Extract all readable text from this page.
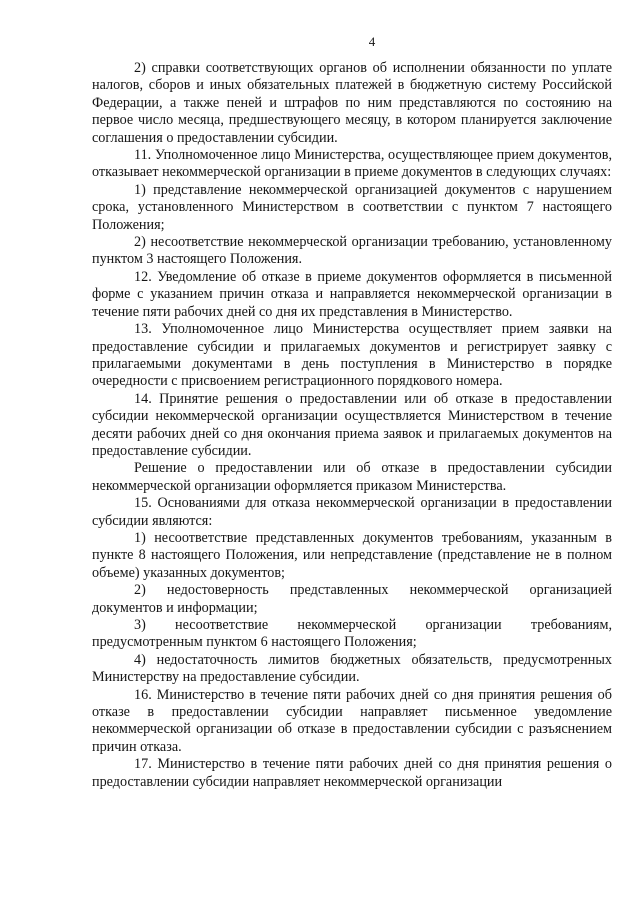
4

2) справки соответствующих органов об исполнении обязанности по уплате налогов, сборов и иных обязательных платежей в бюджетную систему Российской Федерации, а также пеней и штрафов по ним представляются по состоянию на первое число месяца, предшествующего месяцу, в котором планируется заключение соглашения о предоставлении субсидии.

11. Уполномоченное лицо Министерства, осуществляющее прием документов, отказывает некоммерческой организации в приеме документов в следующих случаях:

1) представление некоммерческой организацией документов с нарушением срока, установленного Министерством в соответствии с пунктом 7 настоящего Положения;

2) несоответствие некоммерческой организации требованию, установленному пунктом 3 настоящего Положения.

12. Уведомление об отказе в приеме документов оформляется в письменной форме с указанием причин отказа и направляется некоммерческой организации в течение пяти рабочих дней со дня их представления в Министерство.

13. Уполномоченное лицо Министерства осуществляет прием заявки на предоставление субсидии и прилагаемых документов и регистрирует заявку с прилагаемыми документами в день поступления в Министерство в порядке очередности с присвоением регистрационного порядкового номера.

14. Принятие решения о предоставлении или об отказе в предоставлении субсидии некоммерческой организации осуществляется Министерством в течение десяти рабочих дней со дня окончания приема заявок и прилагаемых документов на предоставление субсидии.

Решение о предоставлении или об отказе в предоставлении субсидии некоммерческой организации оформляется приказом Министерства.

15. Основаниями для отказа некоммерческой организации в предоставлении субсидии являются:

1) несоответствие представленных документов требованиям, указанным в пункте 8 настоящего Положения, или непредставление (представление не в полном объеме) указанных документов;

2) недостоверность представленных некоммерческой организацией документов и информации;

3) несоответствие некоммерческой организации требованиям, предусмотренным пунктом 6 настоящего Положения;

4) недостаточность лимитов бюджетных обязательств, предусмотренных Министерству на предоставление субсидии.

16. Министерство в течение пяти рабочих дней со дня принятия решения об отказе в предоставлении субсидии направляет письменное уведомление некоммерческой организации об отказе в предоставлении субсидии с разъяснением причин отказа.

17. Министерство в течение пяти рабочих дней со дня принятия решения о предоставлении субсидии направляет некоммерческой организации
